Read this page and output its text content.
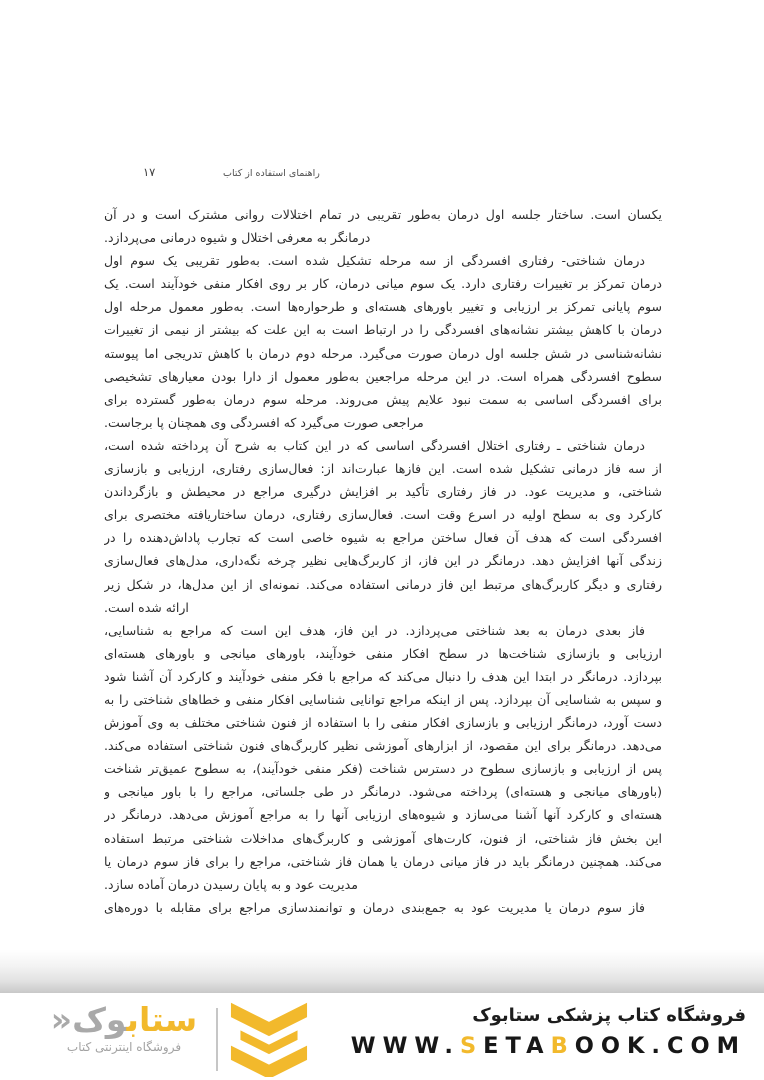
۱۷	راهنمای استفاده از کتاب
یکسان است. ساختار جلسه اول درمان به‌طور تقریبی در تمام اختلالات روانی مشترک است و در آن
درمانگر به معرفی اختلال و شیوه درمانی می‌پردازد.
درمان شناختی- رفتاری افسردگی از سه مرحله تشکیل شده است. به‌طور تقریبی یک سوم اول
درمان تمرکز بر تغییرات رفتاری دارد. یک سوم میانی درمان، کار بر روی افکار منفی خودآیند است. یک
سوم پایانی تمرکز بر ارزیابی و تغییر باورهای هسته‌ای و طرحواره‌ها است. به‌طور معمول مرحله اول
درمان با کاهش بیشتر نشانه‌های افسردگی را در ارتباط است به این علت که بیشتر از نیمی از تغییرات
نشانه‌شناسی در شش جلسه اول درمان صورت می‌گیرد. مرحله دوم درمان با کاهش تدریجی اما پیوسته
سطوح افسردگی همراه است. در این مرحله مراجعین به‌طور معمول از دارا بودن معیارهای تشخیصی
برای افسردگی اساسی به سمت نبود علایم پیش می‌روند. مرحله سوم درمان به‌طور گسترده برای
مراجعی صورت می‌گیرد که افسردگی وی همچنان پا برجاست.
درمان شناختی ـ رفتاری اختلال افسردگی اساسی که در این کتاب به شرح آن پرداخته شده است،
از سه فاز درمانی تشکیل شده است. این فازها عبارت‌اند از: فعال‌سازی رفتاری، ارزیابی و بازسازی
شناختی، و مدیریت عود. در فاز رفتاری تأکید بر افزایش درگیری مراجع در محیطش و بازگرداندن
کارکرد وی به سطح اولیه در اسرع وقت است. فعال‌سازی رفتاری، درمان ساختاریافته مختصری برای
افسردگی است که هدف آن فعال ساختن مراجع به شیوه خاصی است که تجارب پاداش‌دهنده را در
زندگی آنها افزایش دهد. درمانگر در این فاز، از کاربرگ‌هایی نظیر چرخه نگه‌داری، مدل‌های فعال‌سازی
رفتاری و دیگر کاربرگ‌های مرتبط این فاز درمانی استفاده می‌کند. نمونه‌ای از این مدل‌ها، در شکل زیر
ارائه شده است.
فاز بعدی درمان به بعد شناختی می‌پردازد. در این فاز، هدف این است که مراجع به شناسایی،
ارزیابی و بازسازی شناخت‌ها در سطح افکار منفی خودآیند، باورهای میانجی و باورهای هسته‌ای
بپردازد. درمانگر در ابتدا این هدف را دنبال می‌کند که مراجع با فکر منفی خودآیند و کارکرد آن آشنا شود
و سپس به شناسایی آن بپردازد. پس از اینکه مراجع توانایی شناسایی افکار منفی و خطاهای شناختی را به
دست آورد، درمانگر ارزیابی و بازسازی افکار منفی را با استفاده از فنون شناختی مختلف به وی آموزش
می‌دهد. درمانگر برای این مقصود، از ابزارهای آموزشی نظیر کاربرگ‌های فنون شناختی استفاده می‌کند.
پس از ارزیابی و بازسازی سطوح در دسترس شناخت (فکر منفی خودآیند)، به سطوح عمیق‌تر شناخت
(باورهای میانجی و هسته‌ای) پرداخته می‌شود. درمانگر در طی جلساتی، مراجع را با باور میانجی و
هسته‌ای و کارکرد آنها آشنا می‌سازد و شیوه‌های ارزیابی آنها را به مراجع آموزش می‌دهد. درمانگر در
این بخش فاز شناختی، از فنون، کارت‌های آموزشی و کاربرگ‌های مداخلات شناختی مرتبط استفاده
می‌کند. همچنین درمانگر باید در فاز میانی درمان یا همان فاز شناختی، مراجع را برای فاز سوم درمان یا
مدیریت عود و به پایان رسیدن درمان آماده سازد.
فاز سوم درمان یا مدیریت عود به جمع‌بندی درمان و توانمندسازی مراجع برای مقابله با دوره‌های
ستابوک«
فروشگاه اینترنتی کتاب
فروشگاه کتاب پزشکی ستابوک
WWW.SETABOOK.COM
